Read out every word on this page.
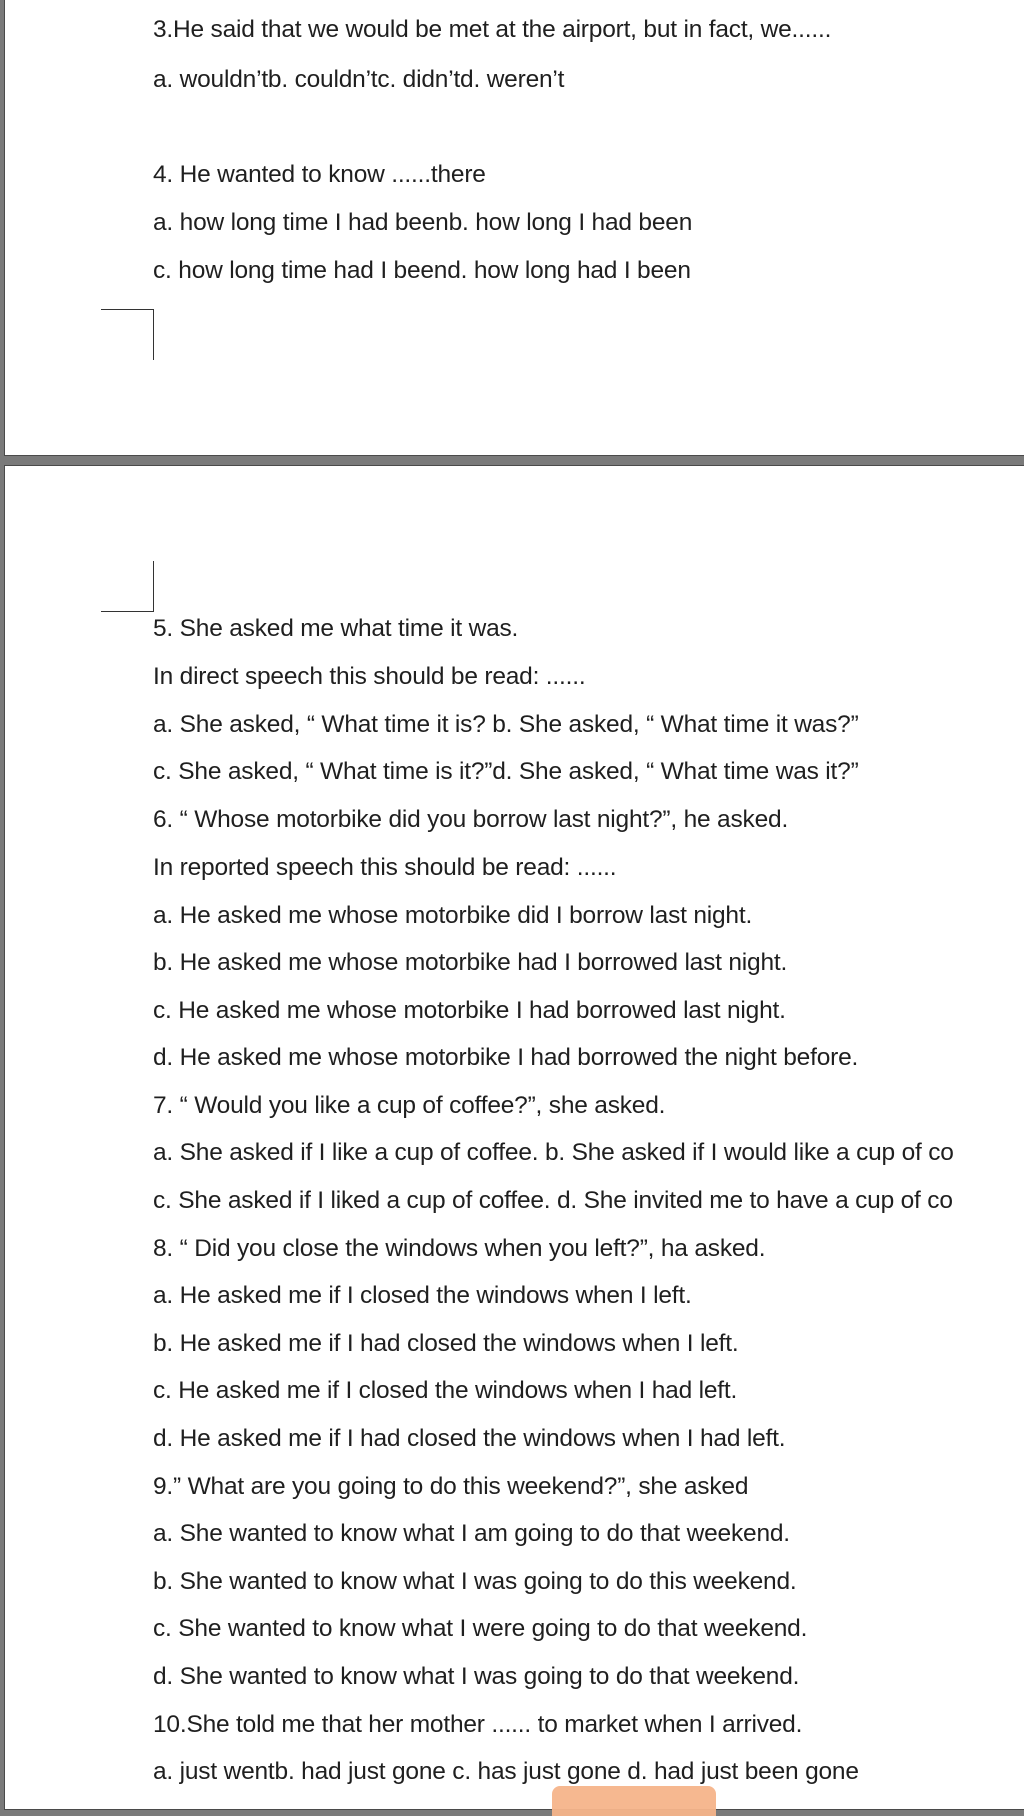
3.He said that we would be met at the airport, but in fact, we......
a. wouldn’tb. couldn’tc. didn’td. weren’t
4. He wanted to know ......there
a. how long time I had beenb. how long I had been
c. how long time had I beend. how long had I been
5. She asked me what time it was.
In direct speech this should be read: ......
a. She asked, “ What time it is? b. She asked, “ What time it was?”
c. She asked, “ What time is it?”d. She asked, “ What time was it?”
6. “ Whose motorbike did you borrow last night?”, he asked.
In reported speech this should be read: ......
a. He asked me whose motorbike did I borrow last night.
b. He asked me whose motorbike had I borrowed last night.
c. He asked me whose motorbike I had borrowed last night.
d. He asked me whose motorbike I had borrowed the night before.
7. “ Would you like a cup of coffee?”, she asked.
a. She asked if I like a cup of coffee. b. She asked if I would like a cup of co
c. She asked if I liked a cup of coffee. d. She invited me to have a cup of co
8. “ Did you close the windows when you left?”, ha asked.
a. He asked me if I closed the windows when I left.
b. He asked me if I had closed the windows when I left.
c. He asked me if I closed the windows when I had left.
d. He asked me if I had closed the windows when I had left.
9.” What are you going to do this weekend?”, she asked
a. She wanted to know what I am going to do that weekend.
b. She wanted to know what I was going to do this weekend.
c. She wanted to know what I were going to do that weekend.
d. She wanted to know what I was going to do that weekend.
10.She told me that her mother ...... to market when I arrived.
a. just wentb. had just gone c. has just gone d. had just been gone
